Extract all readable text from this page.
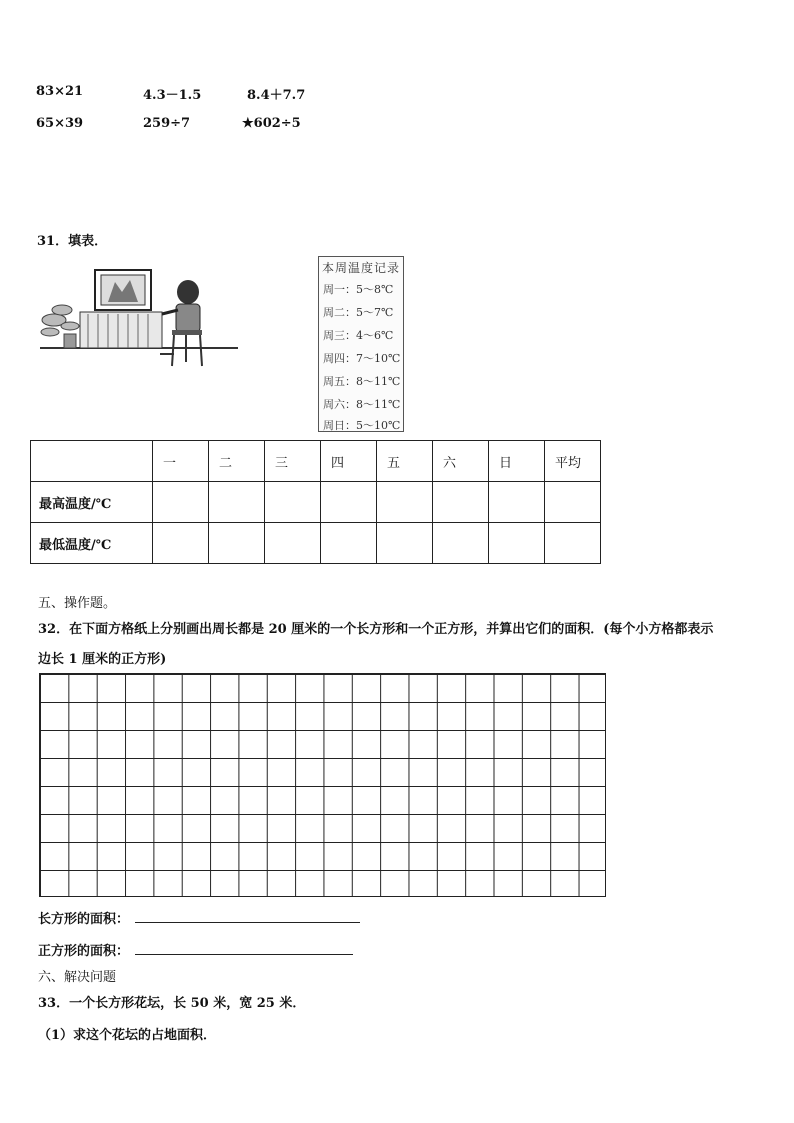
83×21	4.3－1.5	8.4＋7.7
65×39	259÷7	★602÷5
31．填表．
本周温度记录
周一：5～8℃
周二：5～7℃
周三：4～6℃
周四：7～10℃
周五：8～11℃
周六：8～11℃
周日：5～10℃
	一	二	三	四	五	六	日	平均
最高温度/℃								
最低温度/℃								
五、操作题。
32．在下面方格纸上分别画出周长都是 20 厘米的一个长方形和一个正方形，并算出它们的面积．(每个小方格都表示
边长 1 厘米的正方形)
长方形的面积：
正方形的面积：
六、解决问题
33．一个长方形花坛，长 50 米，宽 25 米．
（1）求这个花坛的占地面积．
